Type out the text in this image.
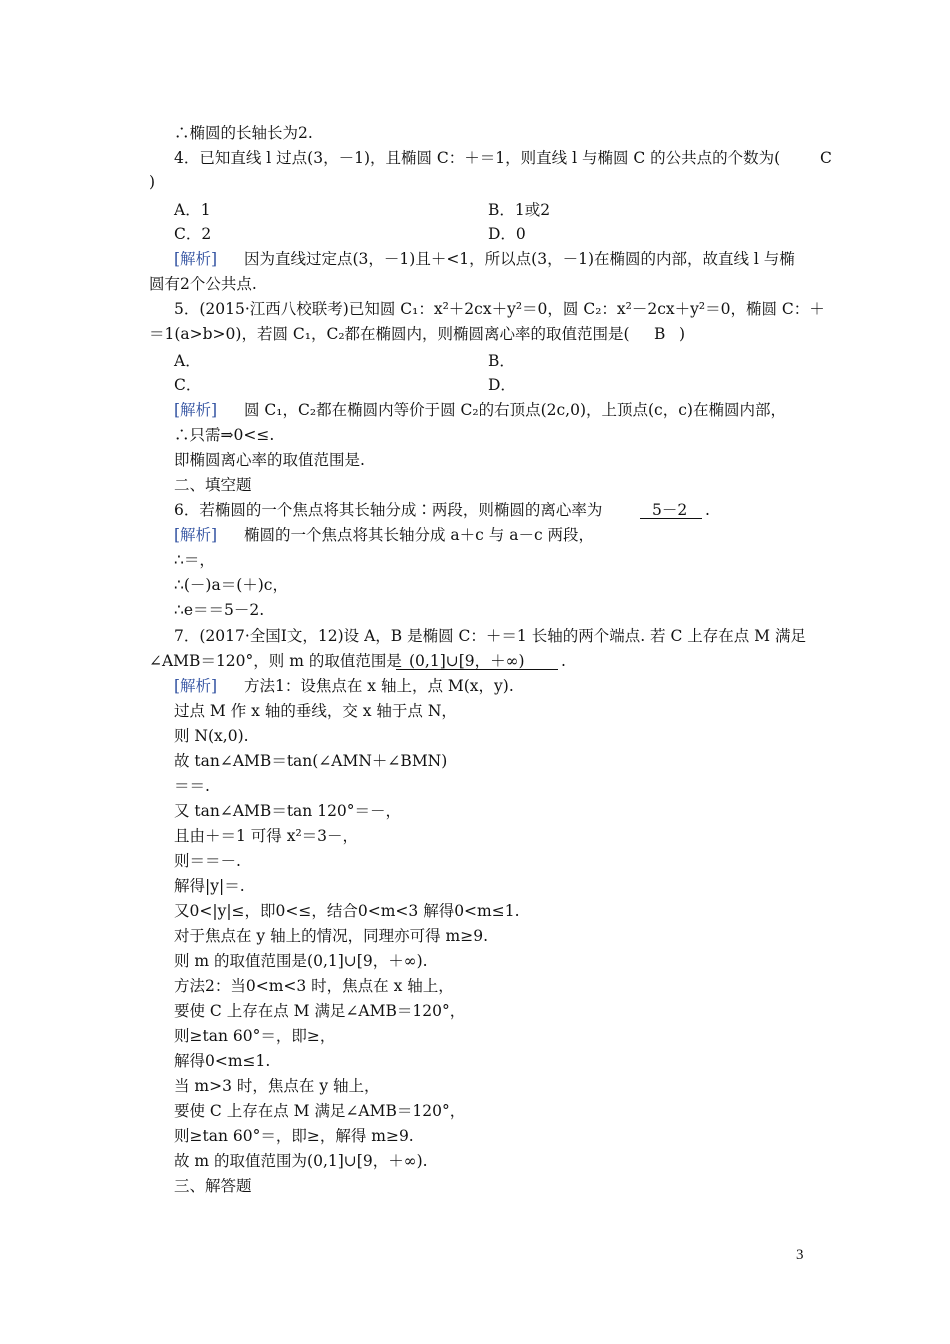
∴椭圆的长轴长为2.
4．已知直线 l 过点(3，－1)，且椭圆 C：＋＝1，则直线 l 与椭圆 C 的公共点的个数为(	C
)
A．1	B．1或2
C．2	D．0
[解析] 因为直线过定点(3，－1)且＋<1，所以点(3，－1)在椭圆的内部，故直线 l 与椭
圆有2个公共点.
5．(2015·江西八校联考)已知圆 C₁：x²＋2cx＋y²＝0，圆 C₂：x²－2cx＋y²＝0，椭圆 C：＋
＝1(a>b>0)，若圆 C₁，C₂都在椭圆内，则椭圆离心率的取值范围是( B )
A．	B．
C．	D．
[解析] 圆 C₁，C₂都在椭圆内等价于圆 C₂的右顶点(2c,0)，上顶点(c，c)在椭圆内部，
∴只需⇒0<≤.
即椭圆离心率的取值范围是.
二、填空题
6．若椭圆的一个焦点将其长轴分成∶两段，则椭圆的离心率为	5－2 .
[解析] 椭圆的一个焦点将其长轴分成 a＋c 与 a－c 两段，
∴＝，
∴(－)a＝(＋)c，
∴e＝＝5－2.
7．(2017·全国Ⅰ文，12)设 A，B 是椭圆 C：＋＝1 长轴的两个端点. 若 C 上存在点 M 满足
∠AMB＝120°，则 m 的取值范围是 (0,1]∪[9，＋∞) .
[解析] 方法1：设焦点在 x 轴上，点 M(x，y).
过点 M 作 x 轴的垂线，交 x 轴于点 N，
则 N(x,0).
故 tan∠AMB＝tan(∠AMN＋∠BMN)
＝＝.
又 tan∠AMB＝tan 120°＝－，
且由＋＝1 可得 x²＝3－，
则＝＝－.
解得|y|＝.
又0<|y|≤，即0<≤，结合0<m<3 解得0<m≤1.
对于焦点在 y 轴上的情况，同理亦可得 m≥9.
则 m 的取值范围是(0,1]∪[9，＋∞).
方法2：当0<m<3 时，焦点在 x 轴上，
要使 C 上存在点 M 满足∠AMB＝120°，
则≥tan 60°＝，即≥，
解得0<m≤1.
当 m>3 时，焦点在 y 轴上，
要使 C 上存在点 M 满足∠AMB＝120°，
则≥tan 60°＝，即≥，解得 m≥9.
故 m 的取值范围为(0,1]∪[9，＋∞).
三、解答题
3
